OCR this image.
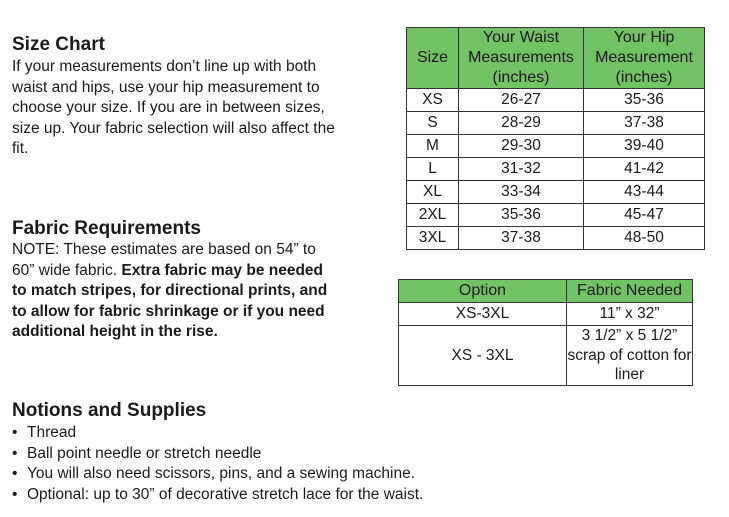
Size Chart
If your measurements don’t line up with both waist and hips, use your hip measurement to choose your size. If you are in between sizes, size up. Your fabric selection will also affect the fit.
Fabric Requirements
NOTE: These estimates are based on 54” to 60” wide fabric. Extra fabric may be needed to match stripes, for directional prints, and to allow for fabric shrinkage or if you need additional height in the rise.
Notions and Supplies
• Thread
• Ball point needle or stretch needle
• You will also need scissors, pins, and a sewing machine.
• Optional: up to 30” of decorative stretch lace for the waist.
Size	Your Waist Measurements (inches)	Your Hip Measurement (inches)
XS	26-27	35-36
S	28-29	37-38
M	29-30	39-40
L	31-32	41-42
XL	33-34	43-44
2XL	35-36	45-47
3XL	37-38	48-50
Option	Fabric Needed
XS-3XL	11” x 32”
XS - 3XL	3 1/2” x 5 1/2” scrap of cotton for liner
